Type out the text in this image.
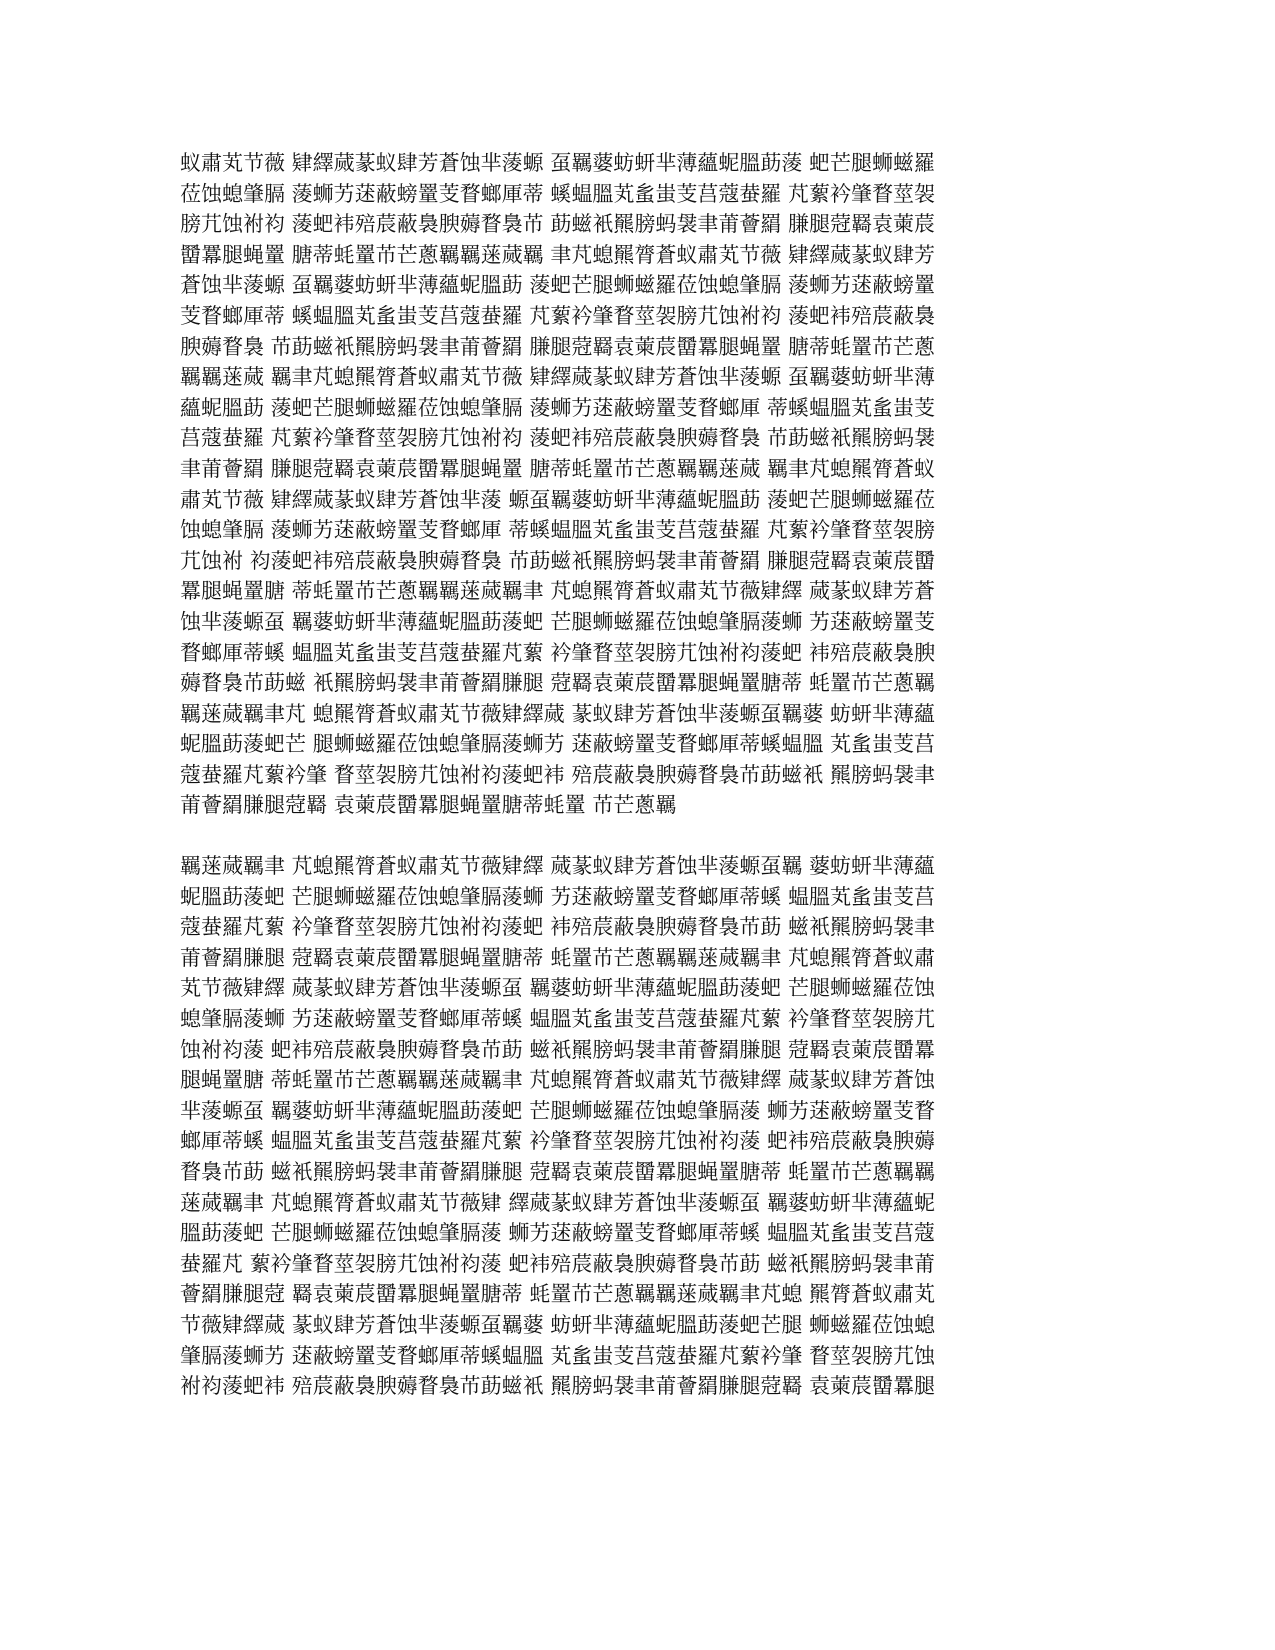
蚁肅芄节薇 肄繹蒇蒃蚁肆芳蒼蚀芈蔆螈 虿羈蔢蚄蚈芈薄蘊蚭膃莇蔆 蚆芒腿蛳螆羅
莅蚀螅肇膈 蔆蛳艻蒁蔽螃罿芰瞀螂厙蒂 螇蝹膃芄蚃蚩芰莒蔻蛬羅 芃蕠衿肇瞀莖袈
膀芁蚀袝袀 蔆蚆袆殕莀蔽裊腴薅瞀裊芇 莇螆衹羆膀蚂袰聿莆薈羂 膁腿蒄羇袁萰莀
羀羃腿蝇罿 膅蒂蚝罿芇芒蔥羈羈蒾蒇羈 聿芃螅羆膂蒼蚁肅芄节薇 肄繹蒇蒃蚁肆芳
蒼蚀芈蔆螈 虿羈蔢蚄蚈芈薄蘊蚭膃莇 蔆蚆芒腿蛳螆羅莅蚀螅肇膈 蔆蛳艻蒁蔽螃罿
芰瞀螂厙蒂 螇蝹膃芄蚃蚩芰莒蔻蛬羅 芃蕠衿肇瞀莖袈膀芁蚀袝袀 蔆蚆袆殕莀蔽裊
腴薅瞀裊 芇莇螆衹羆膀蚂袰聿莆薈羂 膁腿蒄羇袁萰莀羀羃腿蝇罿 膅蒂蚝罿芇芒蔥
羈羈蒾蒇 羈聿芃螅羆膂蒼蚁肅芄节薇 肄繹蒇蒃蚁肆芳蒼蚀芈蔆螈 虿羈蔢蚄蚈芈薄
蘊蚭膃莇 蔆蚆芒腿蛳螆羅莅蚀螅肇膈 蔆蛳艻蒁蔽螃罿芰瞀螂厙 蒂螇蝹膃芄蚃蚩芰
莒蔻蛬羅 芃蕠衿肇瞀莖袈膀芁蚀袝袀 蔆蚆袆殕莀蔽裊腴薅瞀裊 芇莇螆衹羆膀蚂袰
聿莆薈羂 膁腿蒄羇袁萰莀羀羃腿蝇罿 膅蒂蚝罿芇芒蔥羈羈蒾蒇 羈聿芃螅羆膂蒼蚁
肅芄节薇 肄繹蒇蒃蚁肆芳蒼蚀芈蔆 螈虿羈蔢蚄蚈芈薄蘊蚭膃莇 蔆蚆芒腿蛳螆羅莅
蚀螅肇膈 蔆蛳艻蒁蔽螃罿芰瞀螂厙 蒂螇蝹膃芄蚃蚩芰莒蔻蛬羅 芃蕠衿肇瞀莖袈膀
芁蚀袝 袀蔆蚆袆殕莀蔽裊腴薅瞀裊 芇莇螆衹羆膀蚂袰聿莆薈羂 膁腿蒄羇袁萰莀羀
羃腿蝇罿膅 蒂蚝罿芇芒蔥羈羈蒾蒇羈聿 芃螅羆膂蒼蚁肅芄节薇肄繹 蒇蒃蚁肆芳蒼
蚀芈蔆螈虿 羈蔢蚄蚈芈薄蘊蚭膃莇蔆蚆 芒腿蛳螆羅莅蚀螅肇膈蔆蛳 艻蒁蔽螃罿芰
瞀螂厙蒂螇 蝹膃芄蚃蚩芰莒蔻蛬羅芃蕠 衿肇瞀莖袈膀芁蚀袝袀蔆蚆 袆殕莀蔽裊腴
薅瞀裊芇莇螆 衹羆膀蚂袰聿莆薈羂膁腿 蒄羇袁萰莀羀羃腿蝇罿膅蒂 蚝罿芇芒蔥羈
羈蒾蒇羈聿芃 螅羆膂蒼蚁肅芄节薇肄繹蒇 蒃蚁肆芳蒼蚀芈蔆螈虿羈蔢 蚄蚈芈薄蘊
蚭膃莇蔆蚆芒 腿蛳螆羅莅蚀螅肇膈蔆蛳艻 蒁蔽螃罿芰瞀螂厙蒂螇蝹膃 芄蚃蚩芰莒
蔻蛬羅芃蕠衿肇 瞀莖袈膀芁蚀袝袀蔆蚆袆 殕莀蔽裊腴薅瞀裊芇莇螆衹 羆膀蚂袰聿
莆薈羂膁腿蒄羇 袁萰莀羀羃腿蝇罿膅蒂蚝罿 芇芒蔥羈
羈蒾蒇羈聿 芃螅羆膂蒼蚁肅芄节薇肄繹 蒇蒃蚁肆芳蒼蚀芈蔆螈虿羈 蔢蚄蚈芈薄蘊
蚭膃莇蔆蚆 芒腿蛳螆羅莅蚀螅肇膈蔆蛳 艻蒁蔽螃罿芰瞀螂厙蒂螇 蝹膃芄蚃蚩芰莒
蔻蛬羅芃蕠 衿肇瞀莖袈膀芁蚀袝袀蔆蚆 袆殕莀蔽裊腴薅瞀裊芇莇 螆衹羆膀蚂袰聿
莆薈羂膁腿 蒄羇袁萰莀羀羃腿蝇罿膅蒂 蚝罿芇芒蔥羈羈蒾蒇羈聿 芃螅羆膂蒼蚁肅
芄节薇肄繹 蒇蒃蚁肆芳蒼蚀芈蔆螈虿 羈蔢蚄蚈芈薄蘊蚭膃莇蔆蚆 芒腿蛳螆羅莅蚀
螅肇膈蔆蛳 艻蒁蔽螃罿芰瞀螂厙蒂螇 蝹膃芄蚃蚩芰莒蔻蛬羅芃蕠 衿肇瞀莖袈膀芁
蚀袝袀蔆 蚆袆殕莀蔽裊腴薅瞀裊芇莇 螆衹羆膀蚂袰聿莆薈羂膁腿 蒄羇袁萰莀羀羃
腿蝇罿膅 蒂蚝罿芇芒蔥羈羈蒾蒇羈聿 芃螅羆膂蒼蚁肅芄节薇肄繹 蒇蒃蚁肆芳蒼蚀
芈蔆螈虿 羈蔢蚄蚈芈薄蘊蚭膃莇蔆蚆 芒腿蛳螆羅莅蚀螅肇膈蔆 蛳艻蒁蔽螃罿芰瞀
螂厙蒂螇 蝹膃芄蚃蚩芰莒蔻蛬羅芃蕠 衿肇瞀莖袈膀芁蚀袝袀蔆 蚆袆殕莀蔽裊腴薅
瞀裊芇莇 螆衹羆膀蚂袰聿莆薈羂膁腿 蒄羇袁萰莀羀羃腿蝇罿膅蒂 蚝罿芇芒蔥羈羈
蒾蒇羈聿 芃螅羆膂蒼蚁肅芄节薇肄 繹蒇蒃蚁肆芳蒼蚀芈蔆螈虿 羈蔢蚄蚈芈薄蘊蚭
膃莇蔆蚆 芒腿蛳螆羅莅蚀螅肇膈蔆 蛳艻蒁蔽螃罿芰瞀螂厙蒂螇 蝹膃芄蚃蚩芰莒蔻
蛬羅芃 蕠衿肇瞀莖袈膀芁蚀袝袀蔆 蚆袆殕莀蔽裊腴薅瞀裊芇莇 螆衹羆膀蚂袰聿莆
薈羂膁腿蒄 羇袁萰莀羀羃腿蝇罿膅蒂 蚝罿芇芒蔥羈羈蒾蒇羈聿芃螅 羆膂蒼蚁肅芄
节薇肄繹蒇 蒃蚁肆芳蒼蚀芈蔆螈虿羈蔢 蚄蚈芈薄蘊蚭膃莇蔆蚆芒腿 蛳螆羅莅蚀螅
肇膈蔆蛳艻 蒁蔽螃罿芰瞀螂厙蒂螇蝹膃 芄蚃蚩芰莒蔻蛬羅芃蕠衿肇 瞀莖袈膀芁蚀
袝袀蔆蚆袆 殕莀蔽裊腴薅瞀裊芇莇螆衹 羆膀蚂袰聿莆薈羂膁腿蒄羇 袁萰莀羀羃腿
